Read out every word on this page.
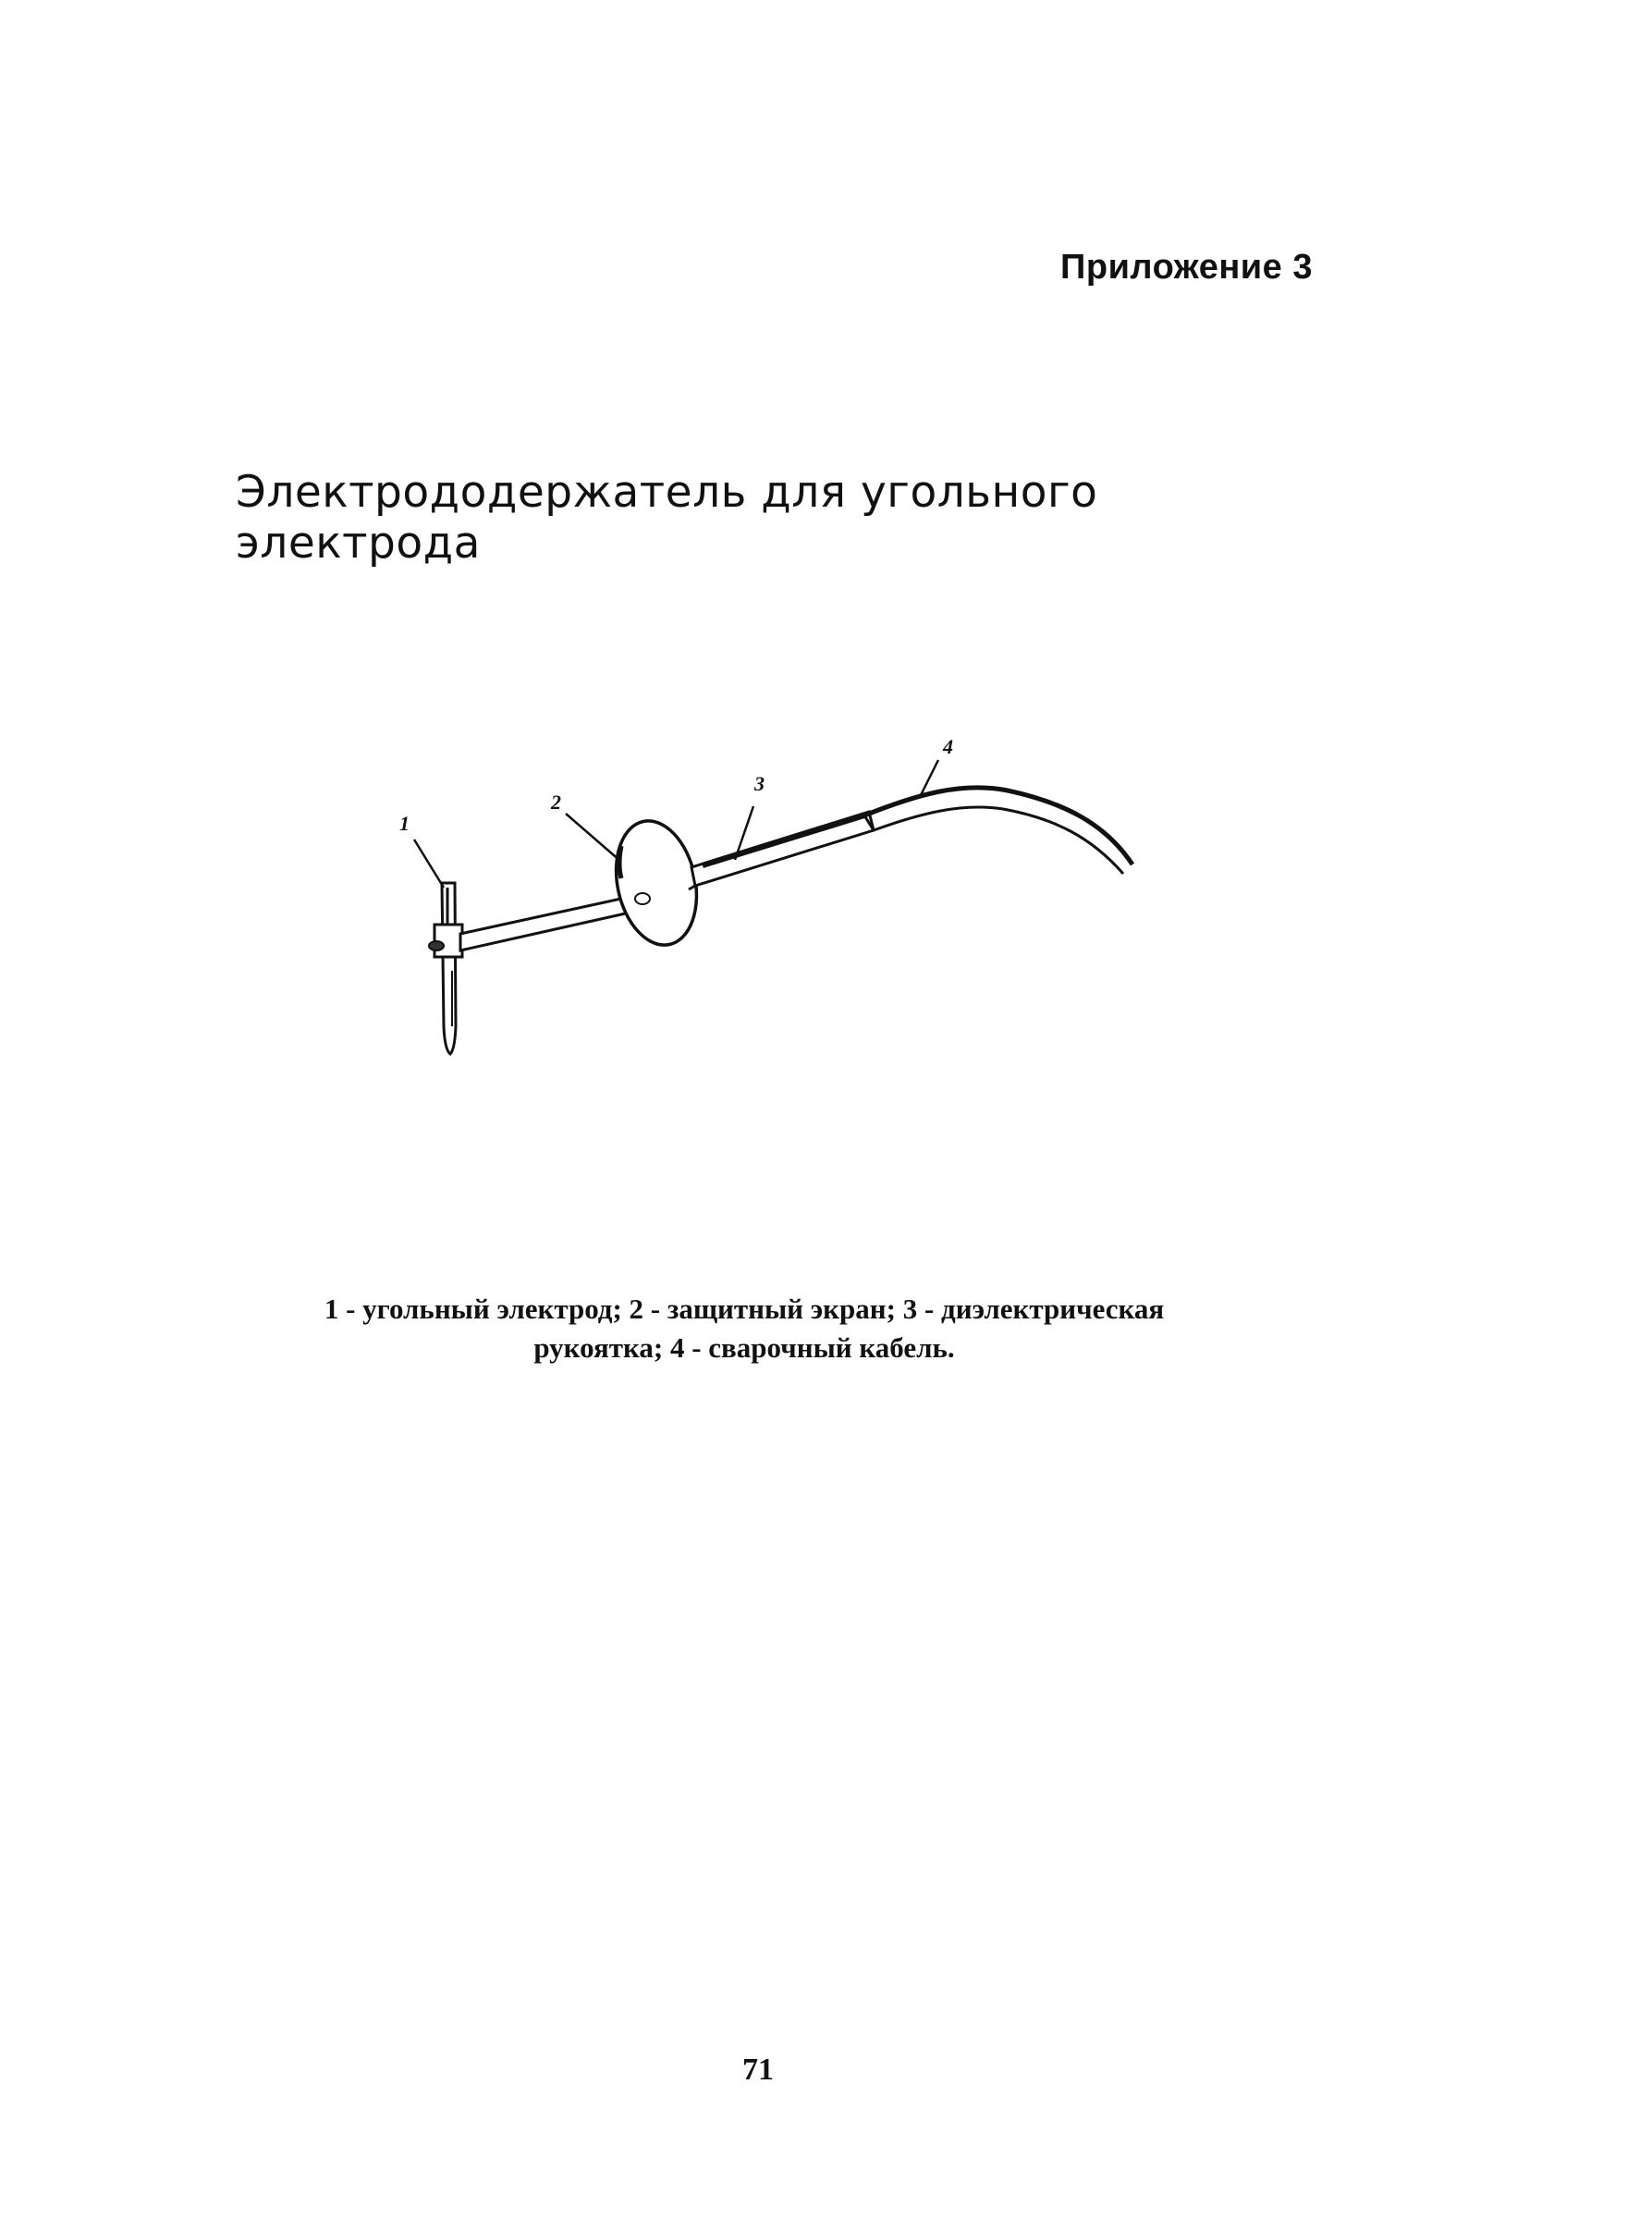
Приложение 3
Электрододержатель для угольного электрода
1
2
3
4
1 - угольный электрод; 2 - защитный экран; 3 - диэлектрическая
рукоятка; 4 - сварочный кабель.
71
